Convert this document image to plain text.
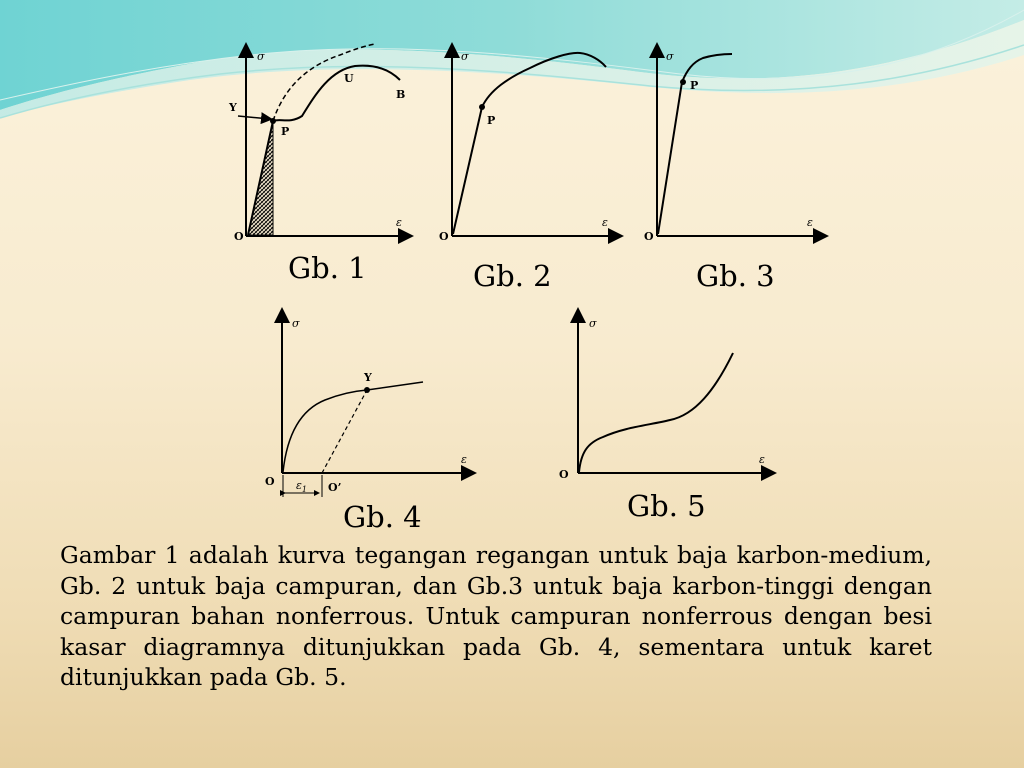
σ
ε
O
Y
P
U
B
σ
ε
O
P
σ
ε
O
P
σ
ε
O	O’
Y
$\varepsilon_1$
σ
ε
O
Gb. 1	Gb. 2	Gb. 3
Gb. 4	Gb. 5

Gambar 1 adalah kurva tegangan regangan untuk baja karbon-medium, Gb. 2 untuk baja campuran, dan Gb.3 untuk baja karbon-tinggi dengan campuran bahan nonferrous. Untuk campuran nonferrous dengan besi kasar diagramnya ditunjukkan pada Gb. 4, sementara untuk karet ditunjukkan pada Gb. 5.
